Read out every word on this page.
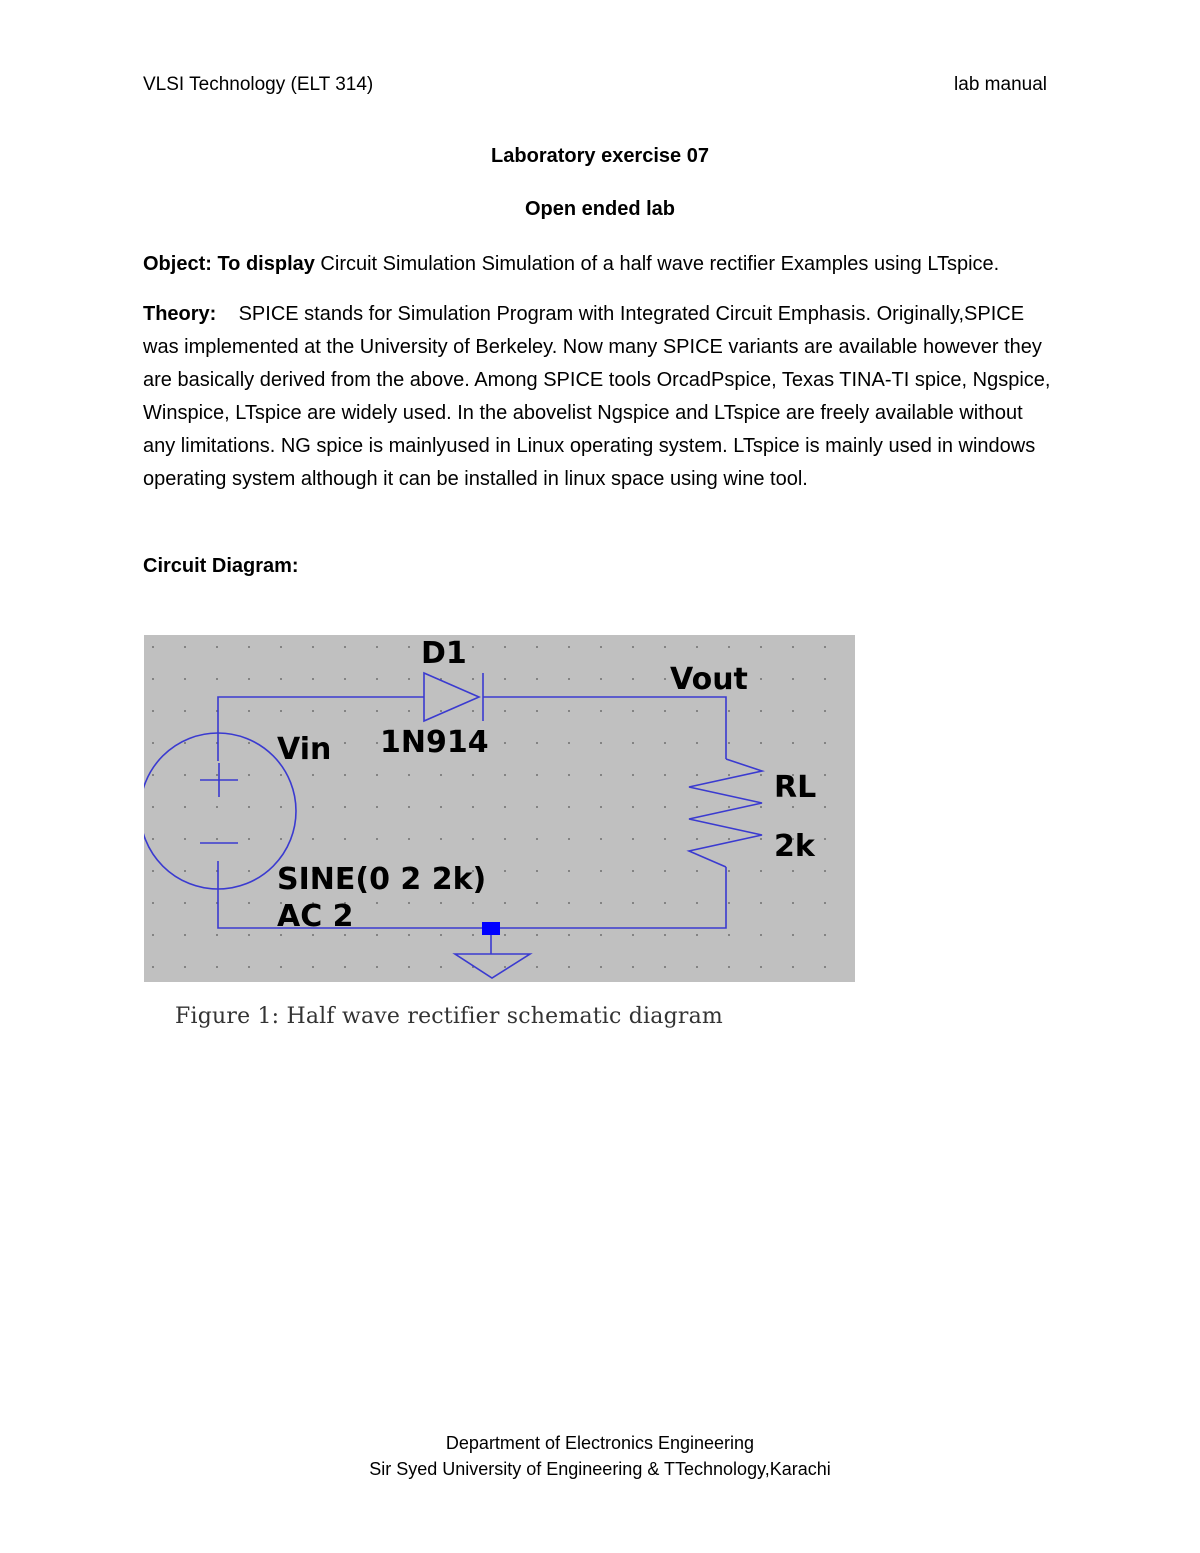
VLSI Technology (ELT 314)	lab manual
Laboratory exercise 07
Open ended lab
Object: To display Circuit Simulation Simulation of a half wave rectifier Examples using LTspice.
Theory: SPICE stands for Simulation Program with Integrated Circuit Emphasis. Originally,SPICE was implemented at the University of Berkeley. Now many SPICE variants are available however they are basically derived from the above. Among SPICE tools OrcadPspice, Texas TINA-TI spice, Ngspice, Winspice, LTspice are widely used. In the abovelist Ngspice and LTspice are freely available without any limitations. NG spice is mainlyused in Linux operating system. LTspice is mainly used in windows operating system although it can be installed in linux space using wine tool.
Circuit Diagram:
D1
1N914
Vout
Vin
RL
2k
SINE(0 2 2k)
AC 2
Figure 1: Half wave rectifier schematic diagram
Department of Electronics Engineering
Sir Syed University of Engineering & TTechnology,Karachi
